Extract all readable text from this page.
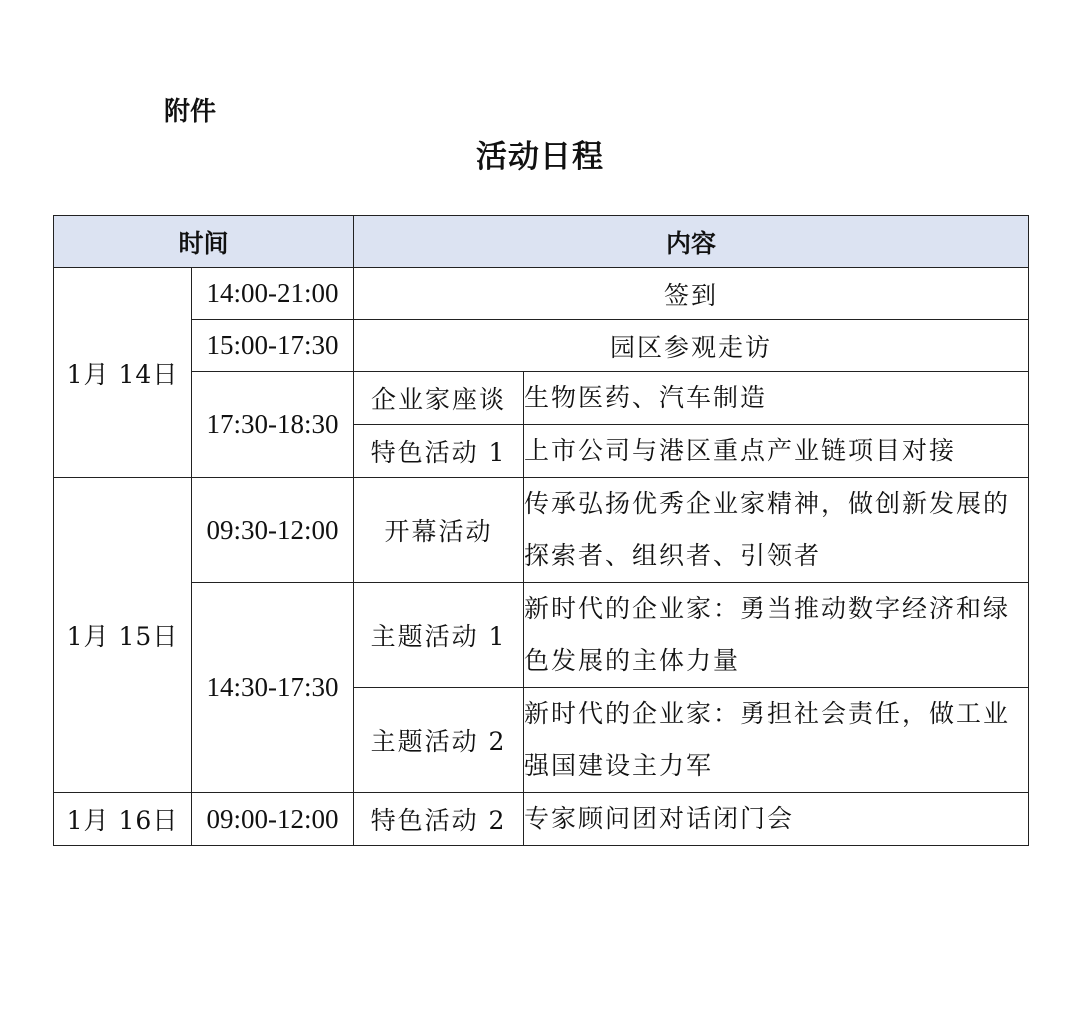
附件
活动日程
时间		内容	
1月 14日	14:00-21:00	签到	
	15:00-17:30	园区参观走访	
	17:30-18:30	企业家座谈	生物医药、汽车制造
		特色活动 1	上市公司与港区重点产业链项目对接
1月 15日	09:30-12:00	开幕活动	传承弘扬优秀企业家精神，做创新发展的探索者、组织者、引领者
	14:30-17:30	主题活动 1	新时代的企业家：勇当推动数字经济和绿色发展的主体力量
		主题活动 2	新时代的企业家：勇担社会责任，做工业强国建设主力军
1月 16日	09:00-12:00	特色活动 2	专家顾问团对话闭门会
